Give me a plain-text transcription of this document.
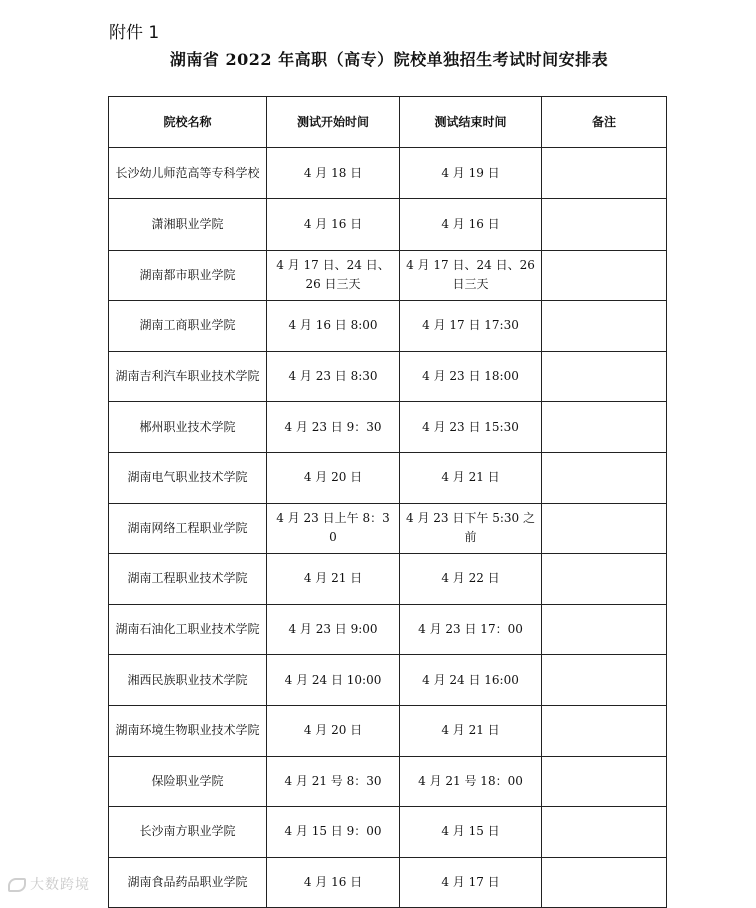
附件 1
湖南省 2022 年高职（高专）院校单独招生考试时间安排表
院校名称	测试开始时间	测试结束时间	备注
长沙幼儿师范高等专科学校	4 月 18 日	4 月 19 日	
潇湘职业学院	4 月 16 日	4 月 16 日	
湖南都市职业学院	4 月 17 日、24 日、26 日三天	4 月 17 日、24 日、26 日三天	
湖南工商职业学院	4 月 16 日 8:00	4 月 17 日 17:30	
湖南吉利汽车职业技术学院	4 月 23 日 8:30	4 月 23 日 18:00	
郴州职业技术学院	4 月 23 日 9：30	4 月 23 日 15:30	
湖南电气职业技术学院	4 月 20 日	4 月 21 日	
湖南网络工程职业学院	4 月 23 日上午 8：30	4 月 23 日下午 5:30 之前	
湖南工程职业技术学院	4 月 21 日	4 月 22 日	
湖南石油化工职业技术学院	4 月 23 日 9:00	4 月 23 日 17：00	
湘西民族职业技术学院	4 月 24 日 10:00	4 月 24 日 16:00	
湖南环境生物职业技术学院	4 月 20 日	4 月 21 日	
保险职业学院	4 月 21 号 8：30	4 月 21 号 18：00	
长沙南方职业学院	4 月 15 日 9：00	4 月 15 日	
湖南食品药品职业学院	4 月 16 日	4 月 17 日	
大数跨境
